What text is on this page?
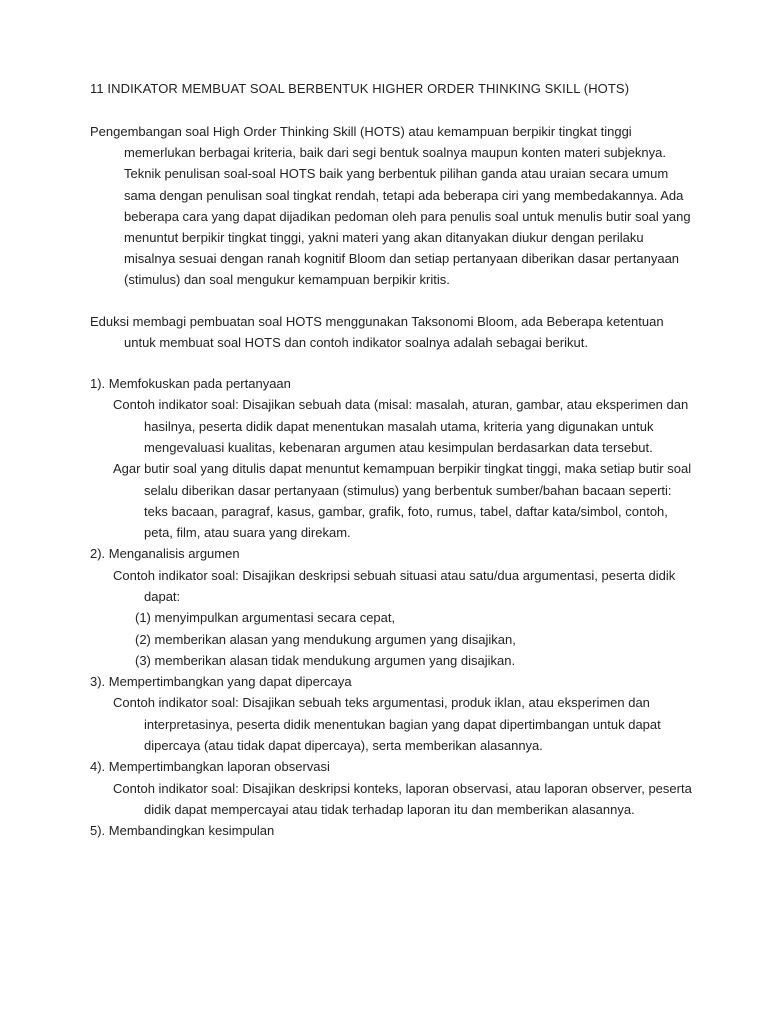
11 INDIKATOR MEMBUAT SOAL BERBENTUK HIGHER ORDER THINKING SKILL (HOTS)

Pengembangan soal High Order Thinking Skill (HOTS) atau kemampuan berpikir tingkat tinggi memerlukan berbagai kriteria, baik dari segi bentuk soalnya maupun konten materi subjeknya. Teknik penulisan soal-soal HOTS baik yang berbentuk pilihan ganda atau uraian secara umum sama dengan penulisan soal tingkat rendah, tetapi ada beberapa ciri yang membedakannya. Ada beberapa cara yang dapat dijadikan pedoman oleh para penulis soal untuk menulis butir soal yang menuntut berpikir tingkat tinggi, yakni materi yang akan ditanyakan diukur dengan perilaku misalnya sesuai dengan ranah kognitif Bloom dan setiap pertanyaan diberikan dasar pertanyaan (stimulus) dan soal mengukur kemampuan berpikir kritis.

Eduksi membagi pembuatan soal HOTS menggunakan Taksonomi Bloom, ada Beberapa ketentuan untuk membuat soal HOTS dan contoh indikator soalnya adalah sebagai berikut.

1). Memfokuskan pada pertanyaan

Contoh indikator soal: Disajikan sebuah data (misal: masalah, aturan, gambar, atau eksperimen dan hasilnya, peserta didik dapat menentukan masalah utama, kriteria yang digunakan untuk mengevaluasi kualitas, kebenaran argumen atau kesimpulan berdasarkan data tersebut.

Agar butir soal yang ditulis dapat menuntut kemampuan berpikir tingkat tinggi, maka setiap butir soal selalu diberikan dasar pertanyaan (stimulus) yang berbentuk sumber/bahan bacaan seperti: teks bacaan, paragraf, kasus, gambar, grafik, foto, rumus, tabel, daftar kata/simbol, contoh, peta, film, atau suara yang direkam.

2). Menganalisis argumen

Contoh indikator soal: Disajikan deskripsi sebuah situasi atau satu/dua argumentasi, peserta didik dapat:

(1) menyimpulkan argumentasi secara cepat,

(2) memberikan alasan yang mendukung argumen yang disajikan,

(3) memberikan alasan tidak mendukung argumen yang disajikan.

3). Mempertimbangkan yang dapat dipercaya

Contoh indikator soal: Disajikan sebuah teks argumentasi, produk iklan, atau eksperimen dan interpretasinya, peserta didik menentukan bagian yang dapat dipertimbangan untuk dapat dipercaya (atau tidak dapat dipercaya), serta memberikan alasannya.

4). Mempertimbangkan laporan observasi

Contoh indikator soal: Disajikan deskripsi konteks, laporan observasi, atau laporan observer, peserta didik dapat mempercayai atau tidak terhadap laporan itu dan memberikan alasannya.

5). Membandingkan kesimpulan
